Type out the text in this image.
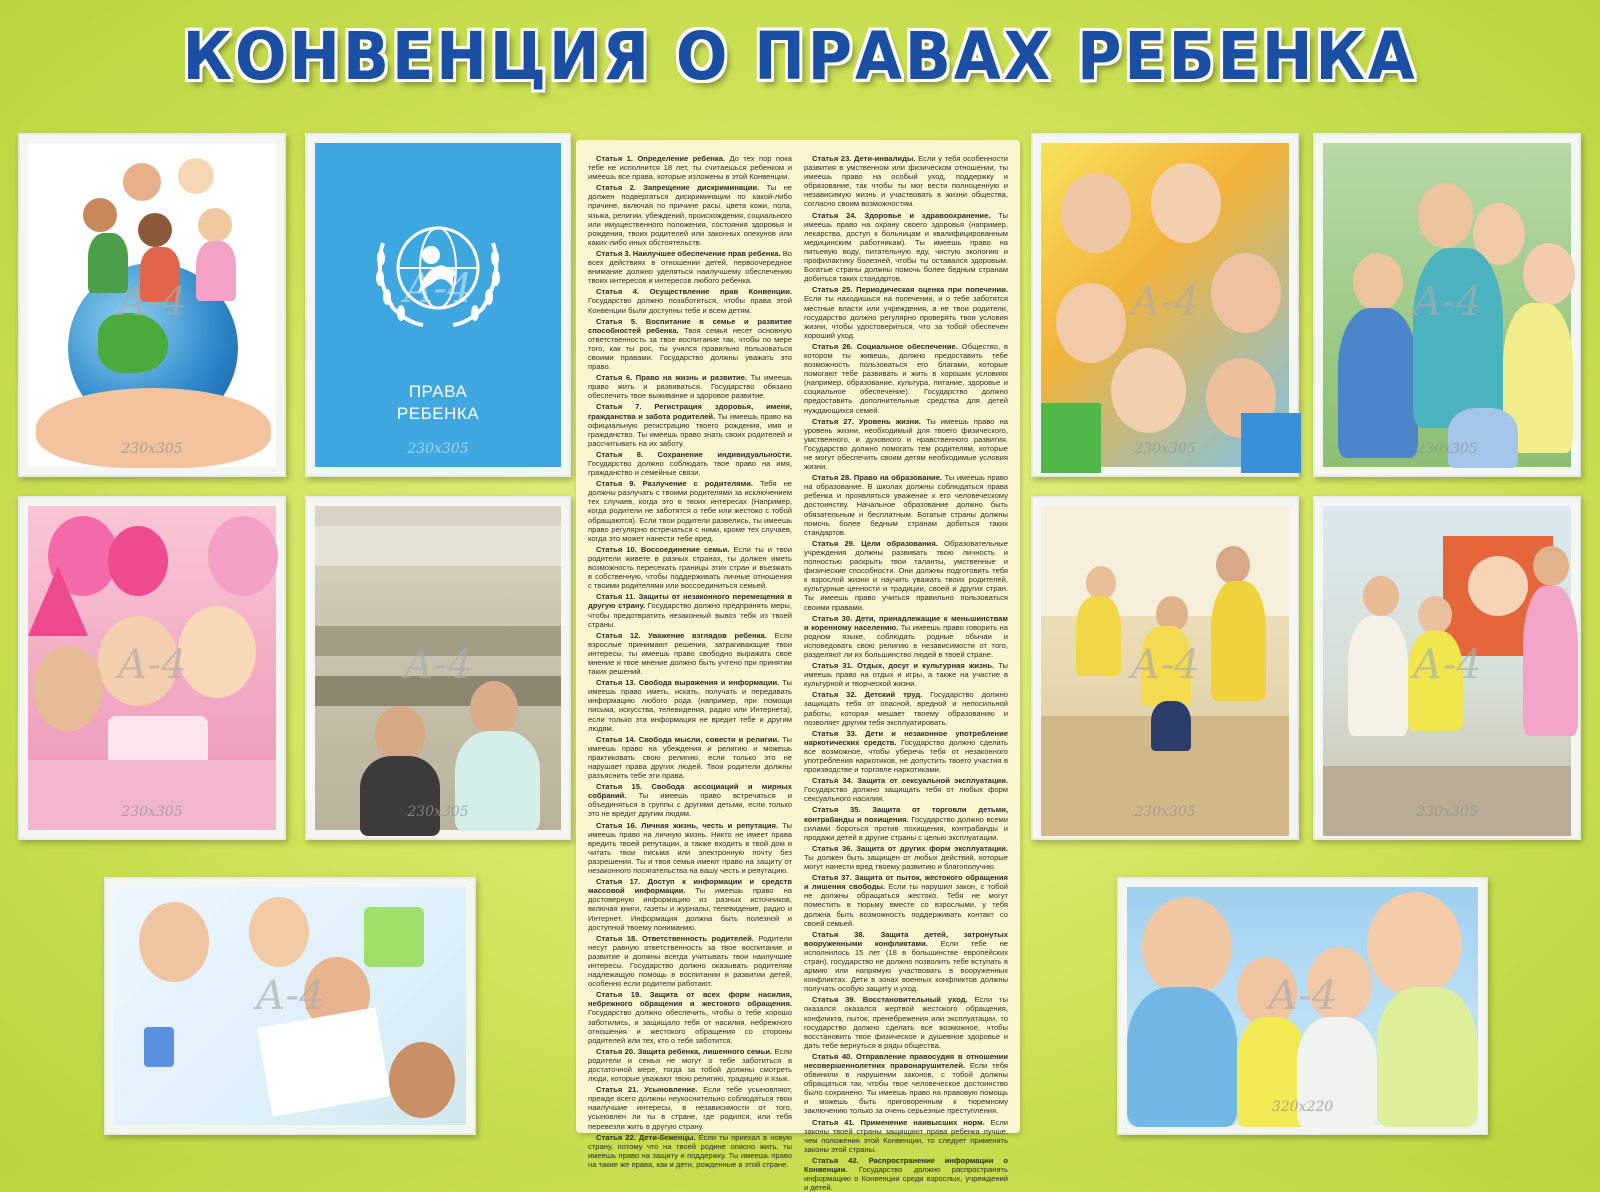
КОНВЕНЦИЯ О ПРАВАХ РЕБЕНКА
А-4
230x305
ПРАВА
РЕБЕНКА
А-4
230x305
А-4
230x305
А-4
230x305
А-4

Статья 1. Определение ребенка. До тех пор пока тебе не исполнится 18 лет, ты считаешься ребенком и имеешь все права, которые изложены в этой Конвенции.

Статья 2. Запрещение дискриминации. Ты не должен подвергаться дискриминации по какой-либо причине, включая по причине расы, цвета кожи, пола, языка, религии, убеждений, происхождения, социального или имущественного положения, состояния здоровья и рождения, твоих родителей или законных опекунов или каких-либо иных обстоятельств.

Статья 3. Наилучшее обеспечение прав ребенка. Во всех действиях в отношении детей, первоочередное внимание должно уделяться наилучшему обеспечению твоих интересов и интересов любого ребенка.

Статья 4. Осуществление прав Конвенции. Государство должно позаботиться, чтобы права этой Конвенции были доступны тебе и всем детям.

Статья 5. Воспитание в семье и развитие способностей ребенка. Твоя семья несет основную ответственность за твое воспитание так, чтобы по мере того, как ты рос, ты учился правильно пользоваться своими правами. Государство должны уважать это право.

Статья 6. Право на жизнь и развитие. Ты имеешь право жить и развиваться. Государство обязано обеспечить твое выживание и здоровое развитие.

Статья 7. Регистрация здоровья, имени, гражданства и забота родителей. Ты имеешь право на официальную регистрацию твоего рождения, имя и гражданство. Ты имеешь право знать своих родителей и рассчитывать на их заботу.

Статья 8. Сохранение индивидуальности. Государство должно соблюдать твое право на имя, гражданство и семейные связи.

Статья 9. Разлучение с родителями. Тебя не должны разлучать с твоими родителями за исключением тех случаев, когда это в твоих интересах (Например, когда родители не заботятся о тебе или жестоко с тобой обращаются). Если твои родители развелись, ты имеешь право регулярно встречаться с ними, кроме тех случаев, когда это может нанести тебе вред.

Статья 10. Воссоединение семьи. Если ты и твои родители живете в разных странах, ты должен иметь возможность пересекать границы этих стран и въезжать в собственную, чтобы поддерживать личные отношения с твоими родителями или воссоединиться семьей.

Статья 11. Защиты от незаконного перемещения в другую страну. Государство должно предпринять меры, чтобы предотвратить незаконный вывоз тебя из твоей страны.

Статья 12. Уважение взглядов ребенка. Если взрослые принимают решения, затрагивающие твои интересы, ты имеешь право свободно выражать свое мнение и твое мнение должно быть учтено при принятии таких решений.

Статья 13. Свобода выражения и информации. Ты имеешь право иметь, искать, получать и передавать информацию любого рода (например, при помощи письма, искусства, телевидения, радио или Интернета), если только эта информация не вредит тебе и другим людям.

Статья 14. Свобода мысли, совести и религии. Ты имеешь право на убеждения и религию и можешь практиковать свою религию, если только это не нарушает права других людей. Твои родители должны разъяснить тебе эти права.

Статья 15. Свобода ассоциаций и мирных собраний. Ты имеешь право встречаться и объединяться в группы с другими детьми, если только это не вредит другим людям.

Статья 16. Личная жизнь, честь и репутация. Ты имеешь право на личную жизнь. Никто не имеет права вредить твоей репутации, а также входить в твой дом и читать твои письма или электронную почту без разрешения. Ты и твоя семья имеют право на защиту от незаконного посягательства на вашу честь и репутацию.

Статья 17. Доступ к информации и средств массовой информации. Ты имеешь право на достоверную информацию из разных источников, включая книги, газеты и журналы, телевидение, радио и Интернет. Информация должна быть полезной и доступной твоему пониманию.

Статья 18. Ответственность родителей. Родители несут равную ответственность за твое воспитание и развитие и должны всегда учитывать твои наилучшие интересы. Государство должно оказывать родителям надлежащую помощь в воспитании и развитии детей, особенно если родители работают.

Статья 19. Защита от всех форм насилия, небрежного обращения и жестокого обращения. Государство должно обеспечить, чтобы о тебе хорошо заботились, и защищало тебя от насилия, небрежного отношения и жестокого обращения со стороны родителей или тех, кто о тебе заботится.

Статья 20. Защита ребенка, лишенного семьи. Если родители и семья не могут о тебе заботиться в достаточной мере, тогда за тобой должны смотреть люди, которые уважают твою религию, традицию и язык.

Статья 21. Усыновление. Если тебе усыновляют, прежде всего должны неукоснительно соблюдаться твои наилучшие интересы, в независимости от того, усыновлен ли ты в стране, где родился, или тебя перевезли жить в другую страну.

Статья 22. Дети-беженцы. Если ты приехал в новую страну, потому что на твоей родине опасно жить, ты имеешь право на защиту и поддержку. Ты имеешь право на такие же права, как и дети, рожденные в этой стране.

Статья 23. Дети-инвалиды. Если у тебя особенности развития в умственном или физическом отношении, ты имеешь право на особый уход, поддержку и образование, так чтобы ты мог вести полноценную и независимую жизнь и участвовать в жизни общества, согласно своим возможностям.

Статья 24. Здоровье и здравоохранение. Ты имеешь право на охрану своего здоровья (например, лекарства, доступ к больницам и квалифицированным медицинским работникам). Ты имеешь право на питьевую воду, питательную еду, чистую экологию и профилактику болезней, чтобы ты оставался здоровым. Богатые страны должны помочь более бедным странам добиться таких стандартов.

Статья 25. Периодическая оценка при попечении. Если ты находишься на попечении, и о тебе заботятся местные власти или учреждения, а не твои родители, государство должно регулярно проверять твои условия жизни, чтобы удостовериться, что за тобой обеспечен хороший уход.

Статья 26. Социальное обеспечение. Общество, в котором ты живешь, должно предоставить тебе возможность пользоваться его благами, которые помогают тебе развивать и жить в хороших условиях (например, образование, культура, питание, здоровье и социальное обеспечение). Государство должно предоставить дополнительные средства для детей нуждающихся семей.

Статья 27. Уровень жизни. Ты имеешь право на уровень жизни, необходимый для твоего физического, умственного, и духовного и нравственного развития. Государство должно помогать тем родителям, которые не могут обеспечить своим детям необходимые условия жизни.

Статья 28. Право на образование. Ты имеешь право на образование. В школах должны соблюдаться права ребенка и проявляться уважение к его человеческому достоинству. Начальное образование должно быть обязательным и бесплатным. Богатые страны должны помочь более бедным странам добиться таких стандартов.

Статья 29. Цели образования. Образовательные учреждения должны развивать твою личность и полностью раскрыть твои таланты, умственные и физические способности. Они должны подготовить тебя к взрослой жизни и научить уважать твоих родителей, культурные ценности и традиции, своей и других стран. Ты имеешь право учиться правильно пользоваться своими правами.

Статья 30. Дети, принадлежащие к меньшинствам и коренному населению. Ты имеешь право говорить на родном языке, соблюдать родные обычаи и исповедовать свою религию в независимости от того, разделяют ли их большинство людей в твоей стране.

Статья 31. Отдых, досуг и культурная жизнь. Ты имеешь право на отдых и игры, а также на участие в культурной и творческой жизни.

Статья 32. Детский труд. Государство должно защищать тебя от опасной, вредной и непосильной работы, которая мешает твоему образованию и позволяет другим тебя эксплуатировать.

Статья 33. Дети и незаконное употребление наркотических средств. Государство должно сделать все возможное, чтобы уберечь тебя от незаконного употребления наркотиков, не допустить твоего участия в производстве и торговле наркотиками.

Статья 34. Защита от сексуальной эксплуатации. Государство должно защищать тебя от любых форм сексуального насилия.

Статья 35. Защита от торговли детьми, контрабанды и похищения. Государство должно всеми силами бороться против похищения, контрабанды и продажи детей в другие страны с целью эксплуатации.

Статья 36. Защита от других форм эксплуатации. Ты должен быть защищен от любых действий, которые могут нанести вред твоему развитию и благополучию.

Статья 37. Защита от пыток, жестокого обращения и лишения свободы. Если ты нарушил закон, с тобой не должны обращаться жестоко. Тебя не могут поместить в тюрьму вместе со взрослыми, у тебя должна быть возможность поддерживать контакт со своей семьей.

Статья 38. Защита детей, затронутых вооруженными конфликтами. Если тебе не исполнилось 15 лет (18 в большинстве европейских стран), государство не должно позволить тебе вступать в армию или напрямую участвовать в вооруженных конфликтах. Дети в зонах военных конфликтов должны получать особую защиту и уход.

Статья 39. Восстановительный уход. Если ты оказался оказался жертвой жестокого обращения, конфликта, пыток, пренебрежения или эксплуатации, то государство должно сделать все возможное, чтобы восстановить твое физическое и душевное здоровье и дать тебе вернуться в ряды общества.

Статья 40. Отправление правосудия в отношении несовершеннолетних правонарушителей. Если тебя обвинили в нарушении законов, с тобой должны обращаться так, чтобы твое человеческое достоинство было сохранено. Ты имеешь право на правовую помощь и можешь быть приговоренным к тюремному заключению только за очень серьезные преступления.

Статья 41. Применение наивысших норм. Если законы твоей страны защищают права ребенка лучше, чем положения этой Конвенции, то следует применять законы этой страны.

Статья 42. Распространение информации о Конвенции. Государство должно распространять информацию о Конвенции среди взрослых, учреждений и детей.

А-4
230x305
А-4
230x305
А-4
230x305
А-4
230x305
А-4
320x220
